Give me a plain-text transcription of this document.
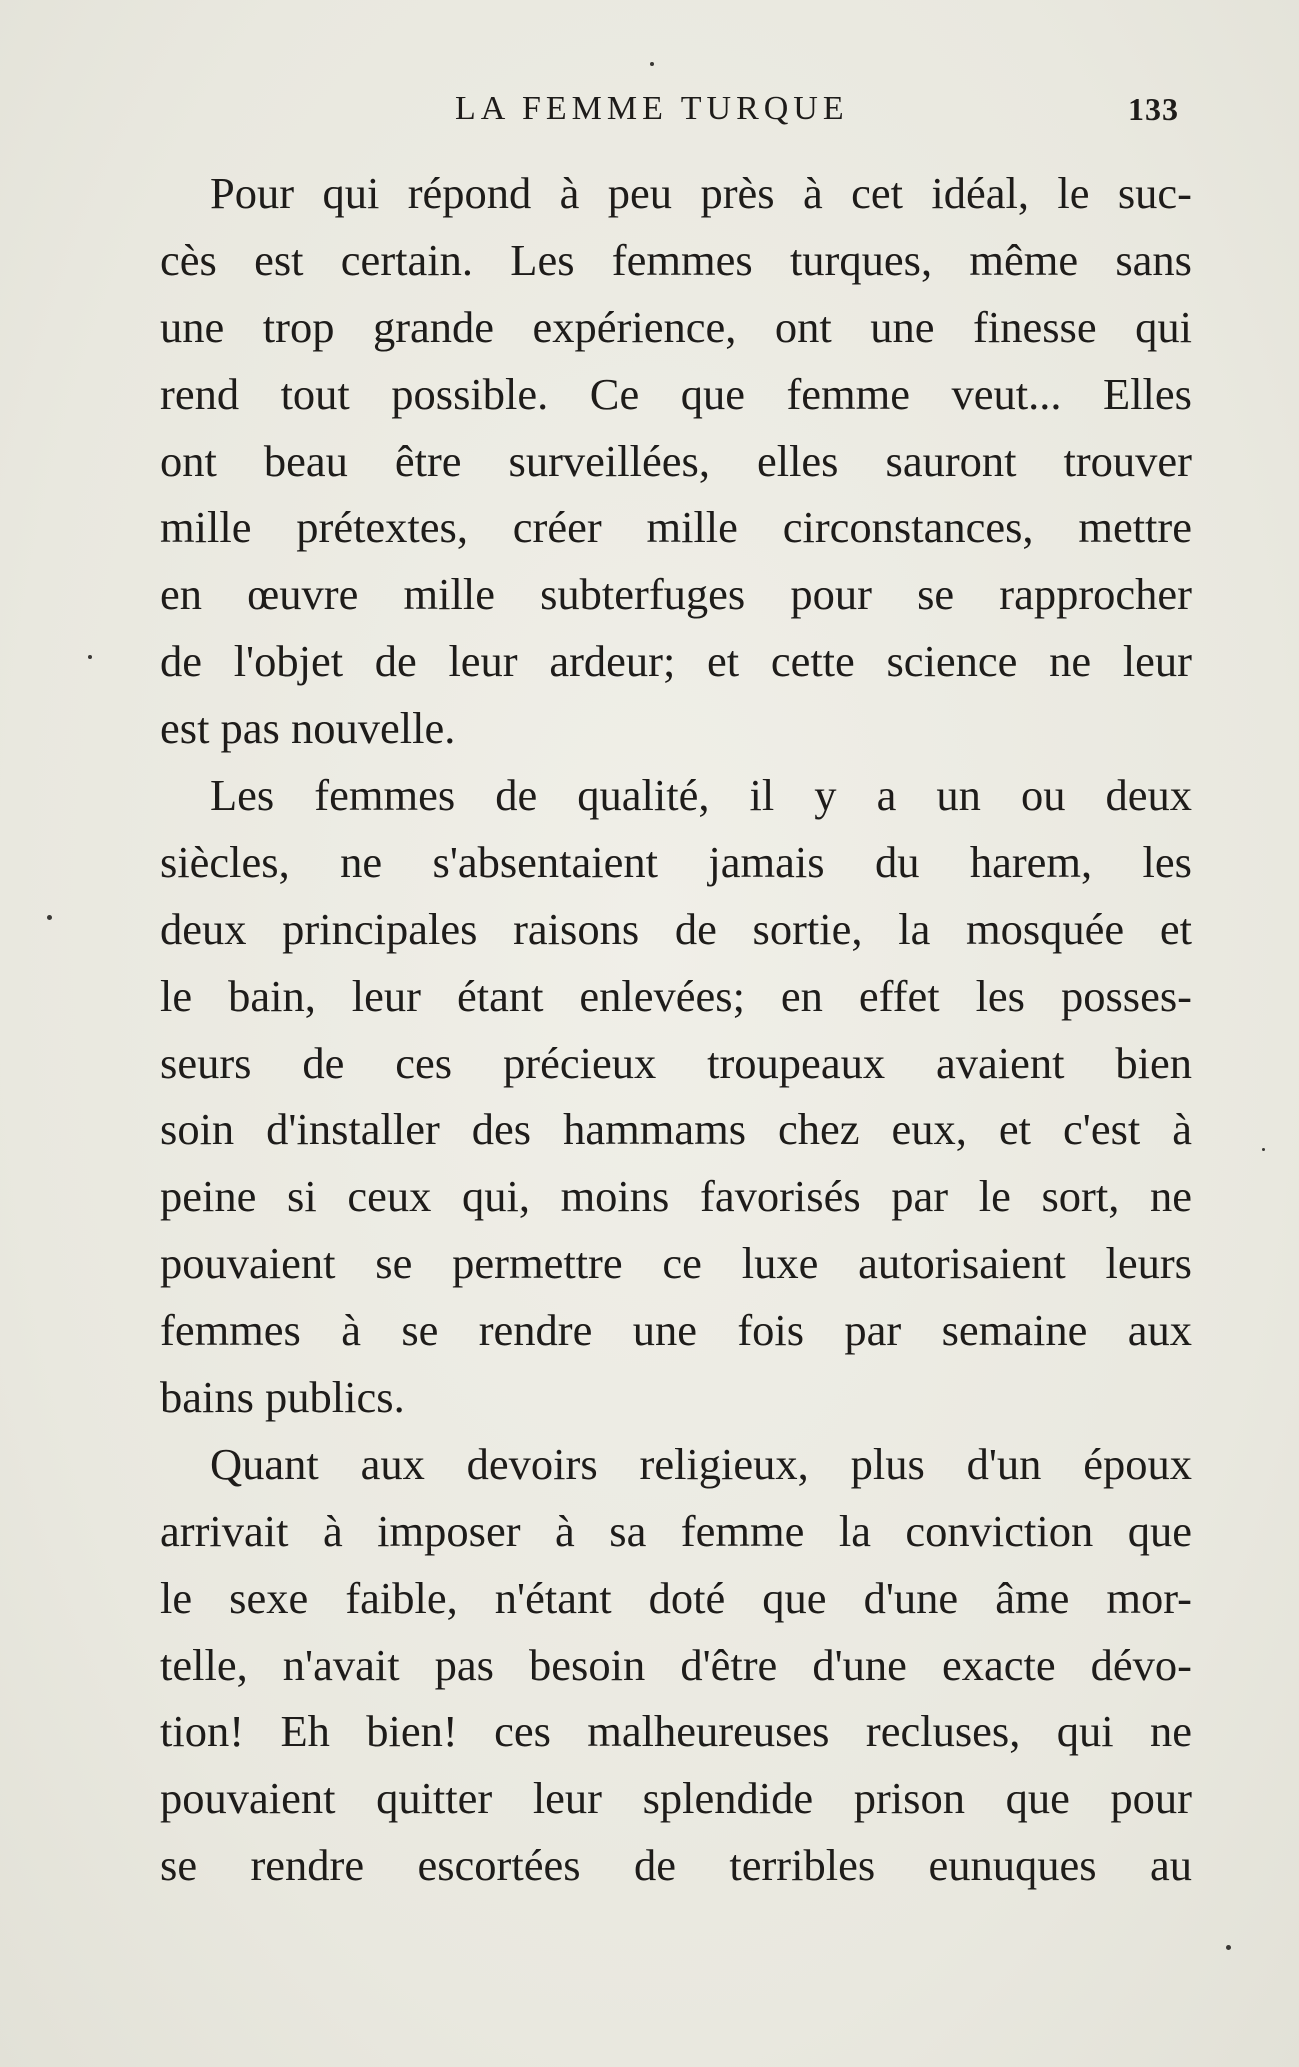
LA FEMME TURQUE	133
Pour qui répond à peu près à cet idéal, le suc-
cès est certain. Les femmes turques, même sans
une trop grande expérience, ont une finesse qui
rend tout possible. Ce que femme veut... Elles
ont beau être surveillées, elles sauront trouver
mille prétextes, créer mille circonstances, mettre
en œuvre mille subterfuges pour se rapprocher
de l'objet de leur ardeur; et cette science ne leur
est pas nouvelle.
Les femmes de qualité, il y a un ou deux
siècles, ne s'absentaient jamais du harem, les
deux principales raisons de sortie, la mosquée et
le bain, leur étant enlevées; en effet les posses-
seurs de ces précieux troupeaux avaient bien
soin d'installer des hammams chez eux, et c'est à
peine si ceux qui, moins favorisés par le sort, ne
pouvaient se permettre ce luxe autorisaient leurs
femmes à se rendre une fois par semaine aux
bains publics.
Quant aux devoirs religieux, plus d'un époux
arrivait à imposer à sa femme la conviction que
le sexe faible, n'étant doté que d'une âme mor-
telle, n'avait pas besoin d'être d'une exacte dévo-
tion! Eh bien! ces malheureuses recluses, qui ne
pouvaient quitter leur splendide prison que pour
se rendre escortées de terribles eunuques au
